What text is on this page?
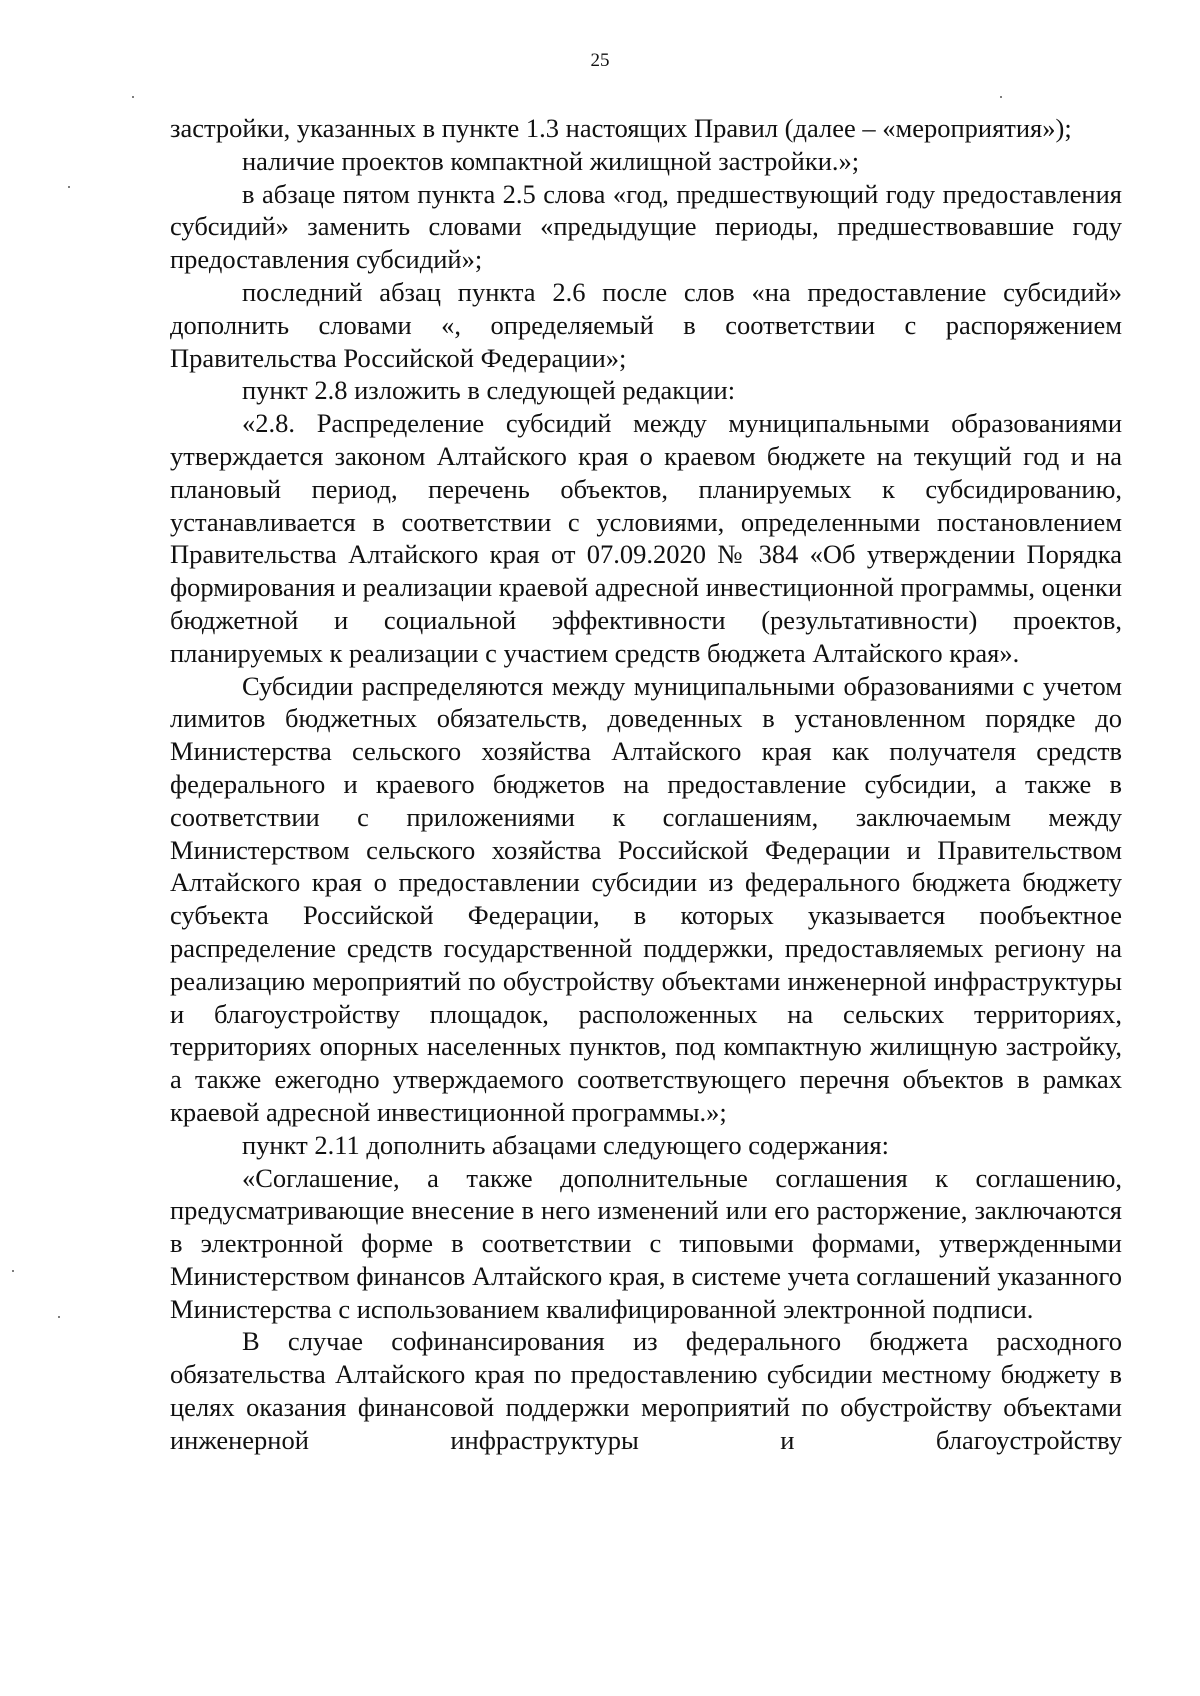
25

застройки, указанных в пункте 1.3 настоящих Правил (далее – «мероприятия»);

наличие проектов компактной жилищной застройки.»;

в абзаце пятом пункта 2.5 слова «год, предшествующий году предоставления субсидий» заменить словами «предыдущие периоды, предшествовавшие году предоставления субсидий»;

последний абзац пункта 2.6 после слов «на предоставление субсидий» дополнить словами «, определяемый в соответствии с распоряжением Правительства Российской Федерации»;

пункт 2.8 изложить в следующей редакции:

«2.8. Распределение субсидий между муниципальными образованиями утверждается законом Алтайского края о краевом бюджете на текущий год и на плановый период, перечень объектов, планируемых к субсидированию, устанавливается в соответствии с условиями, определенными постановлением Правительства Алтайского края от 07.09.2020 № 384 «Об утверждении Порядка формирования и реализации краевой адресной инвестиционной программы, оценки бюджетной и социальной эффективности (результативности) проектов, планируемых к реализации с участием средств бюджета Алтайского края».

Субсидии распределяются между муниципальными образованиями с учетом лимитов бюджетных обязательств, доведенных в установленном порядке до Министерства сельского хозяйства Алтайского края как получателя средств федерального и краевого бюджетов на предоставление субсидии, а также в соответствии с приложениями к соглашениям, заключаемым между Министерством сельского хозяйства Российской Федерации и Правительством Алтайского края о предоставлении субсидии из федерального бюджета бюджету субъекта Российской Федерации, в которых указывается пообъектное распределение средств государственной поддержки, предоставляемых региону на реализацию мероприятий по обустройству объектами инженерной инфраструктуры и благоустройству площадок, расположенных на сельских территориях, территориях опорных населенных пунктов, под компактную жилищную застройку, а также ежегодно утверждаемого соответствующего перечня объектов в рамках краевой адресной инвестиционной программы.»;

пункт 2.11 дополнить абзацами следующего содержания:

«Соглашение, а также дополнительные соглашения к соглашению, предусматривающие внесение в него изменений или его расторжение, заключаются в электронной форме в соответствии с типовыми формами, утвержденными Министерством финансов Алтайского края, в системе учета соглашений указанного Министерства с использованием квалифицированной электронной подписи.

В случае софинансирования из федерального бюджета расходного обязательства Алтайского края по предоставлению субсидии местному бюджету в целях оказания финансовой поддержки мероприятий по обустройству объектами инженерной инфраструктуры и благоустройству
